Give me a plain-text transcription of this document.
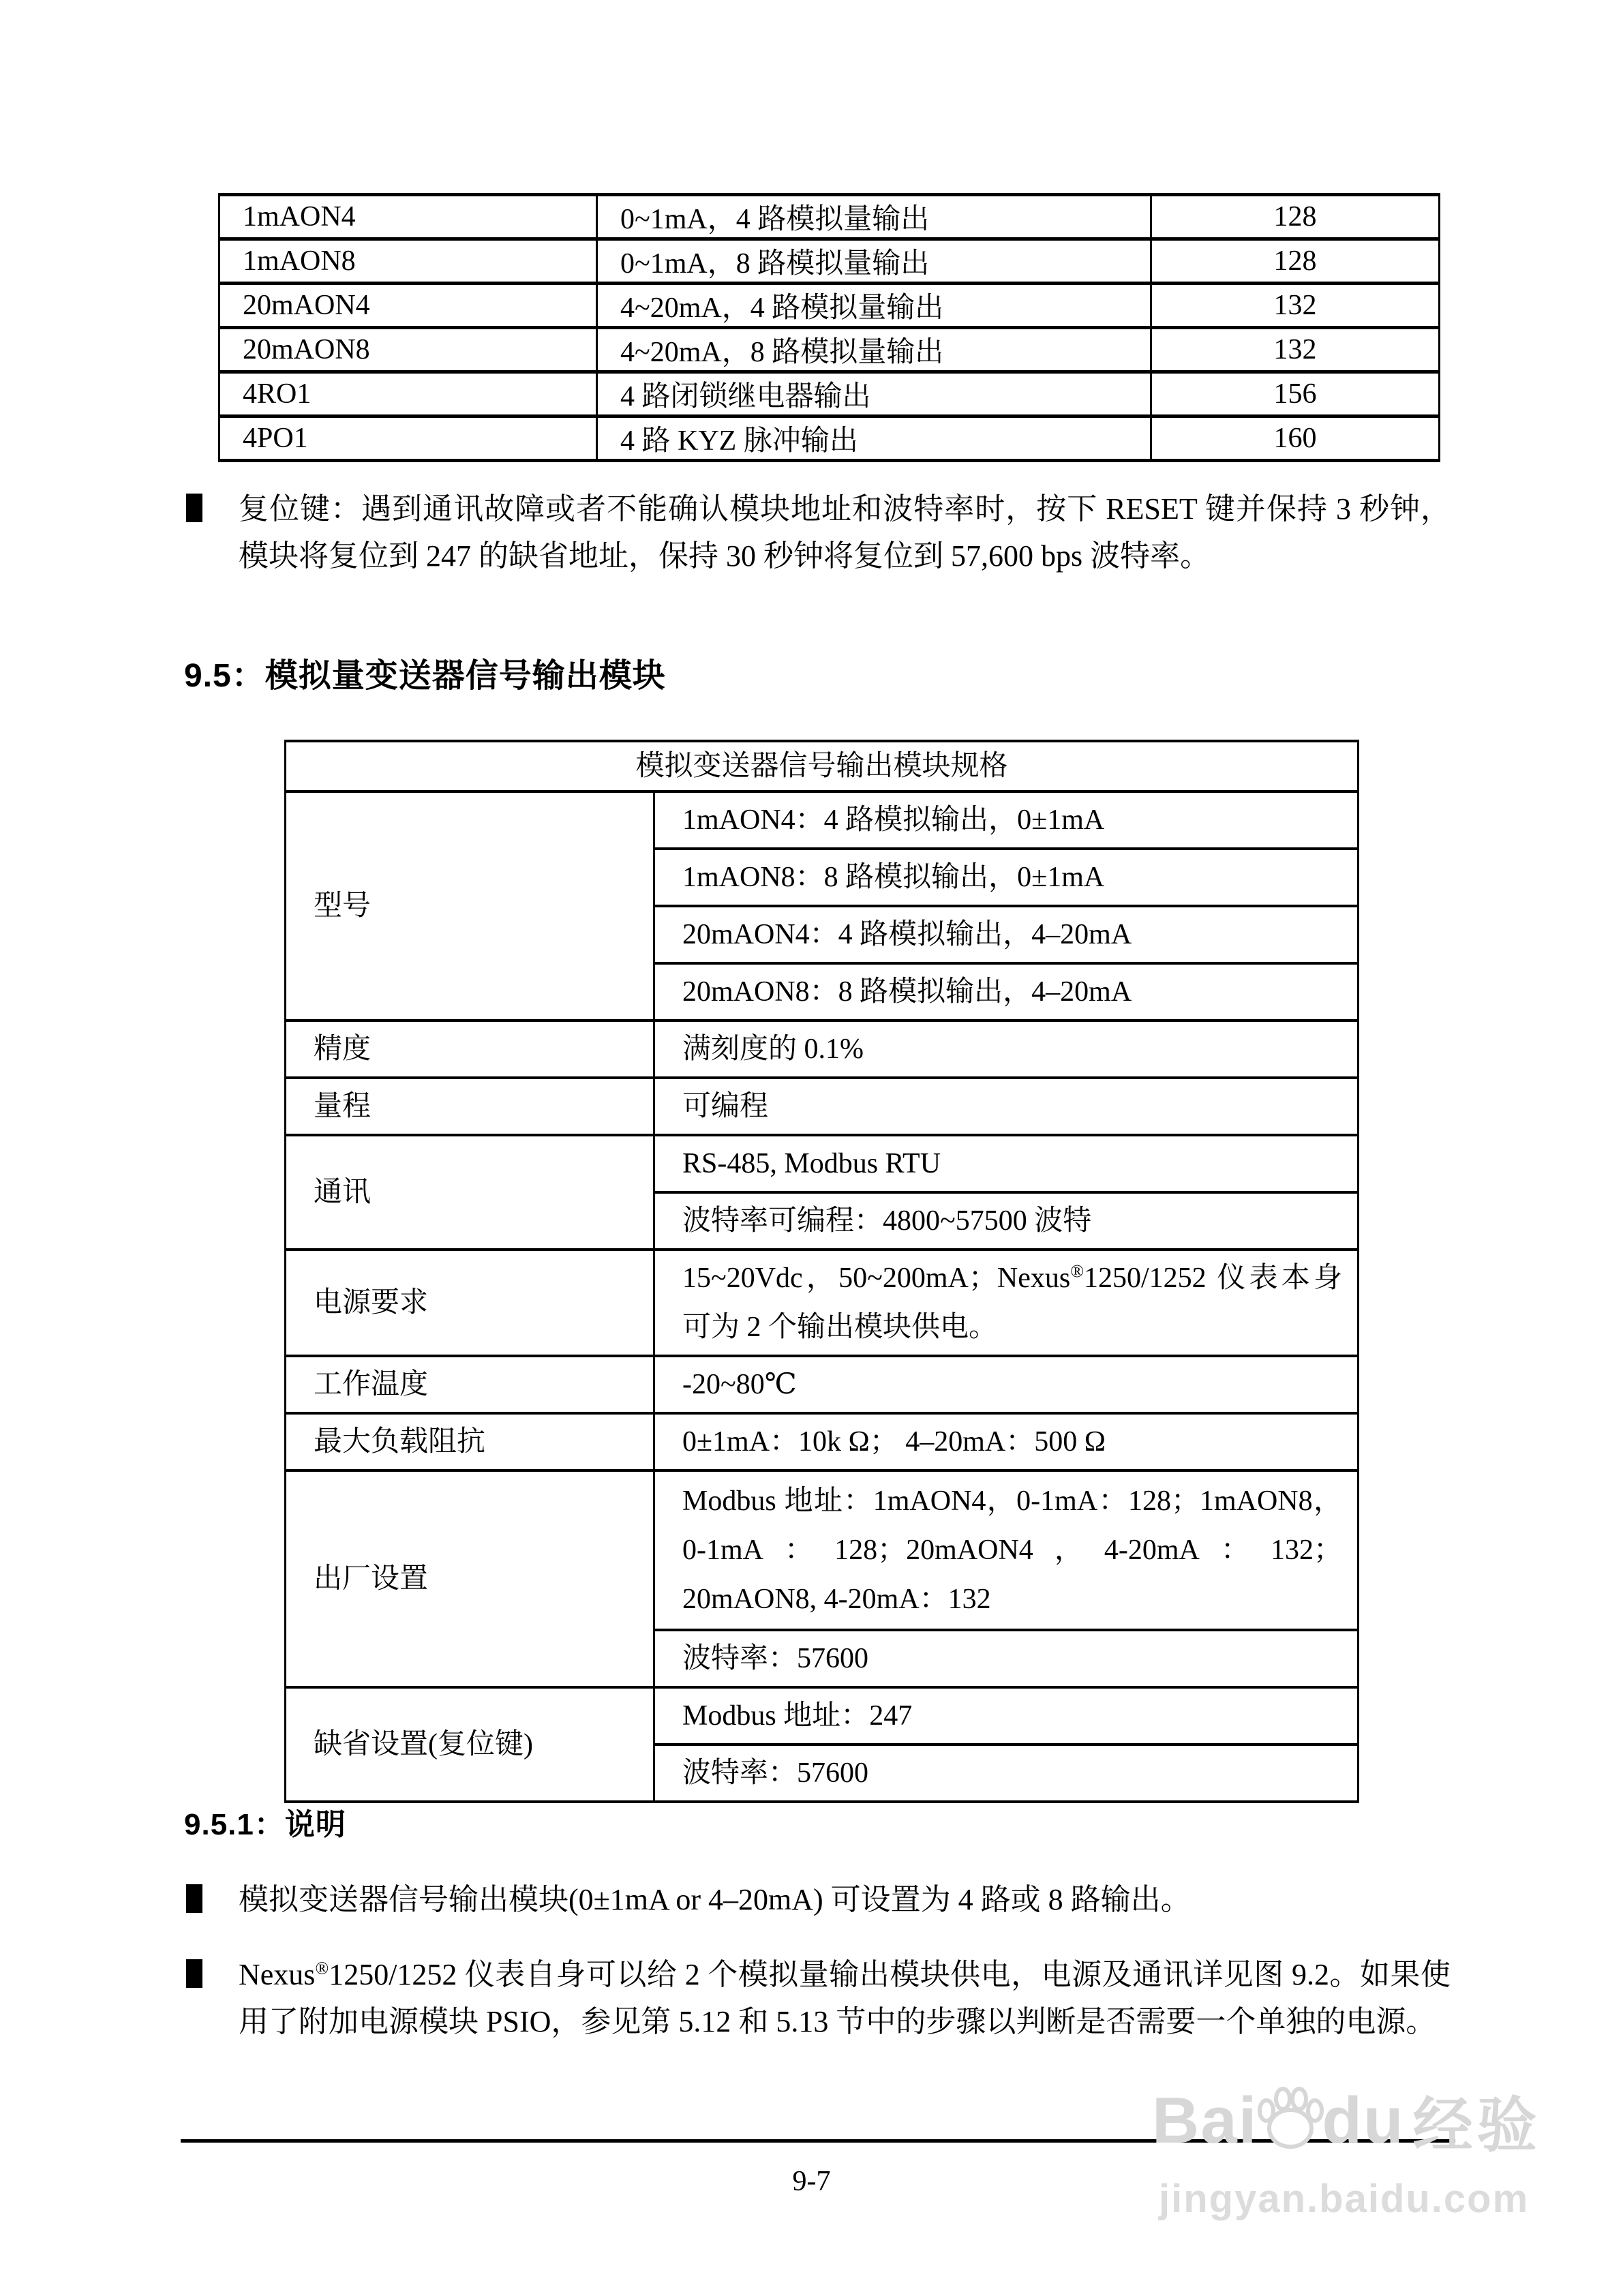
1mAON4	0~1mA，4 路模拟量输出	128
1mAON8	0~1mA，8 路模拟量输出	128
20mAON4	4~20mA，4 路模拟量输出	132
20mAON8	4~20mA，8 路模拟量输出	132
4RO1	4 路闭锁继电器输出	156
4PO1	4 路 KYZ 脉冲输出	160

复位键：遇到通讯故障或者不能确认模块地址和波特率时，按下 RESET 键并保持 3 秒钟，模块将复位到 247 的缺省地址，保持 30 秒钟将复位到 57,600 bps 波特率。

9.5：模拟量变送器信号输出模块
模拟变送器信号输出模块规格	
型号	1mAON4：4 路模拟输出，0±1mA
	1mAON8：8 路模拟输出，0±1mA
	20mAON4：4 路模拟输出，4–20mA
	20mAON8：8 路模拟输出，4–20mA
精度	满刻度的 0.1%
量程	可编程
通讯	RS-485, Modbus RTU
	波特率可编程：4800~57500 波特
电源要求	15~20Vdc，50~200mA；Nexus®1250/1252 仪表本身可为 2 个输出模块供电。
工作温度	-20~80℃
最大负载阻抗	0±1mA：10k Ω； 4–20mA：500 Ω
出厂设置	Modbus 地址：1mAON4，0-1mA：128；1mAON8，0-1mA：128；20mAON4，4-20mA：132；20mAON8, 4-20mA：132
	波特率：57600
缺省设置(复位键)	Modbus 地址：247
	波特率：57600
9.5.1：说明

模拟变送器信号输出模块(0±1mA or 4–20mA) 可设置为 4 路或 8 路输出。

Nexus®1250/1252 仪表自身可以给 2 个模拟量输出模块供电，电源及通讯详见图 9.2。如果使用了附加电源模块 PSIO，参见第 5.12 和 5.13 节中的步骤以判断是否需要一个单独的电源。

9-7
Bai du 经验
jingyan.baidu.com
